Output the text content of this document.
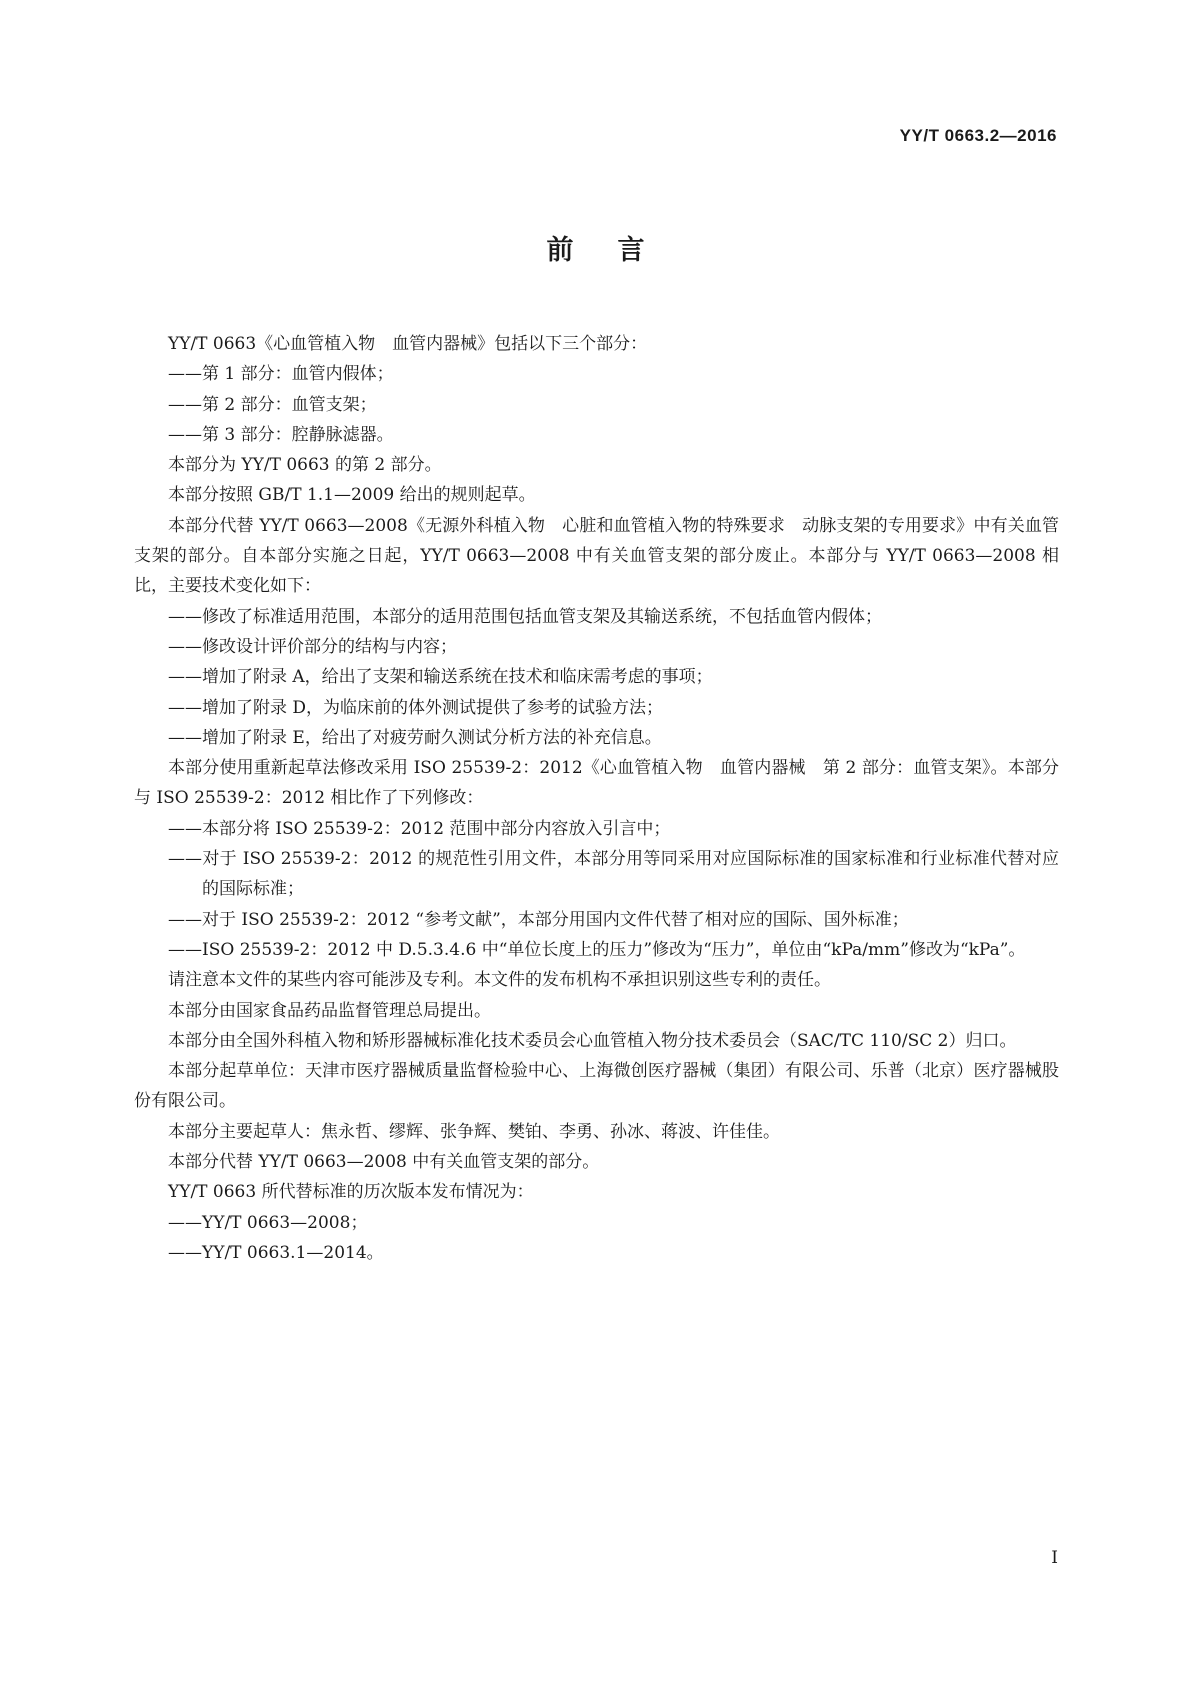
YY/T 0663.2—2016
前言

YY/T 0663《心血管植入物　血管内器械》包括以下三个部分：

——第 1 部分：血管内假体；

——第 2 部分：血管支架；

——第 3 部分：腔静脉滤器。

本部分为 YY/T 0663 的第 2 部分。

本部分按照 GB/T 1.1—2009 给出的规则起草。

本部分代替 YY/T 0663—2008《无源外科植入物　心脏和血管植入物的特殊要求　动脉支架的专用要求》中有关血管支架的部分。自本部分实施之日起，YY/T 0663—2008 中有关血管支架的部分废止。本部分与 YY/T 0663—2008 相比，主要技术变化如下：

——修改了标准适用范围，本部分的适用范围包括血管支架及其输送系统，不包括血管内假体；

——修改设计评价部分的结构与内容；

——增加了附录 A，给出了支架和输送系统在技术和临床需考虑的事项；

——增加了附录 D，为临床前的体外测试提供了参考的试验方法；

——增加了附录 E，给出了对疲劳耐久测试分析方法的补充信息。

本部分使用重新起草法修改采用 ISO 25539-2：2012《心血管植入物　血管内器械　第 2 部分：血管支架》。本部分与 ISO 25539-2：2012 相比作了下列修改：

——本部分将 ISO 25539-2：2012 范围中部分内容放入引言中；

——对于 ISO 25539-2：2012 的规范性引用文件，本部分用等同采用对应国际标准的国家标准和行业标准代替对应的国际标准；

——对于 ISO 25539-2：2012 “参考文献”，本部分用国内文件代替了相对应的国际、国外标准；

——ISO 25539-2：2012 中 D.5.3.4.6 中“单位长度上的压力”修改为“压力”，单位由“kPa/mm”修改为“kPa”。

请注意本文件的某些内容可能涉及专利。本文件的发布机构不承担识别这些专利的责任。

本部分由国家食品药品监督管理总局提出。

本部分由全国外科植入物和矫形器械标准化技术委员会心血管植入物分技术委员会（SAC/TC 110/SC 2）归口。

本部分起草单位：天津市医疗器械质量监督检验中心、上海微创医疗器械（集团）有限公司、乐普（北京）医疗器械股份有限公司。

本部分主要起草人：焦永哲、缪辉、张争辉、樊铂、李勇、孙冰、蒋波、许佳佳。

本部分代替 YY/T 0663—2008 中有关血管支架的部分。

YY/T 0663 所代替标准的历次版本发布情况为：

——YY/T 0663—2008；

——YY/T 0663.1—2014。

Ⅰ
